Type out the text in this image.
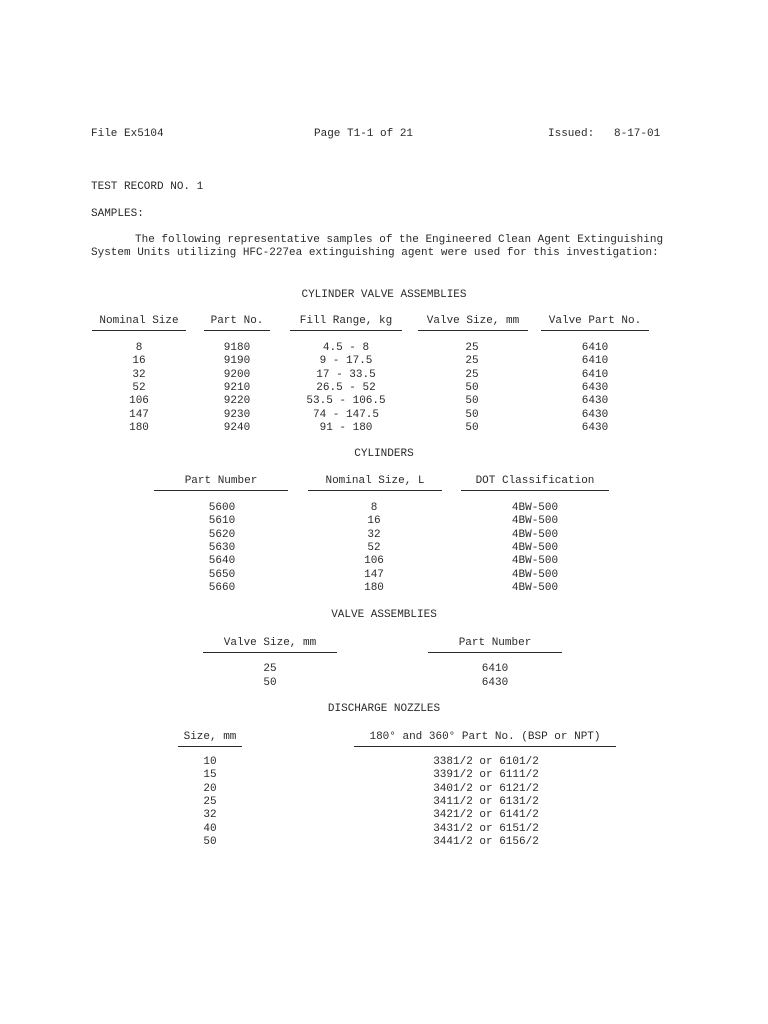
File Ex5104	Page T1-1 of 21	Issued: 8-17-01
TEST RECORD NO. 1
SAMPLES:
The following representative samples of the Engineered Clean Agent Extinguishing System Units utilizing HFC-227ea extinguishing agent were used for this investigation:
CYLINDER VALVE ASSEMBLIES
Nominal Size	Part No.	Fill Range, kg	Valve Size, mm	Valve Part No.
8	9180	4.5 - 8	25	6410
16	9190	9 - 17.5	25	6410
32	9200	17 - 33.5	25	6410
52	9210	26.5 - 52	50	6430
106	9220	53.5 - 106.5	50	6430
147	9230	74 - 147.5	50	6430
180	9240	91 - 180	50	6430
CYLINDERS
Part Number	Nominal Size, L	DOT Classification
5600	8	4BW-500
5610	16	4BW-500
5620	32	4BW-500
5630	52	4BW-500
5640	106	4BW-500
5650	147	4BW-500
5660	180	4BW-500
VALVE ASSEMBLIES
Valve Size, mm	Part Number
25	6410
50	6430
DISCHARGE NOZZLES
Size, mm	180° and 360° Part No. (BSP or NPT)
10	3381/2 or 6101/2
15	3391/2 or 6111/2
20	3401/2 or 6121/2
25	3411/2 or 6131/2
32	3421/2 or 6141/2
40	3431/2 or 6151/2
50	3441/2 or 6156/2
